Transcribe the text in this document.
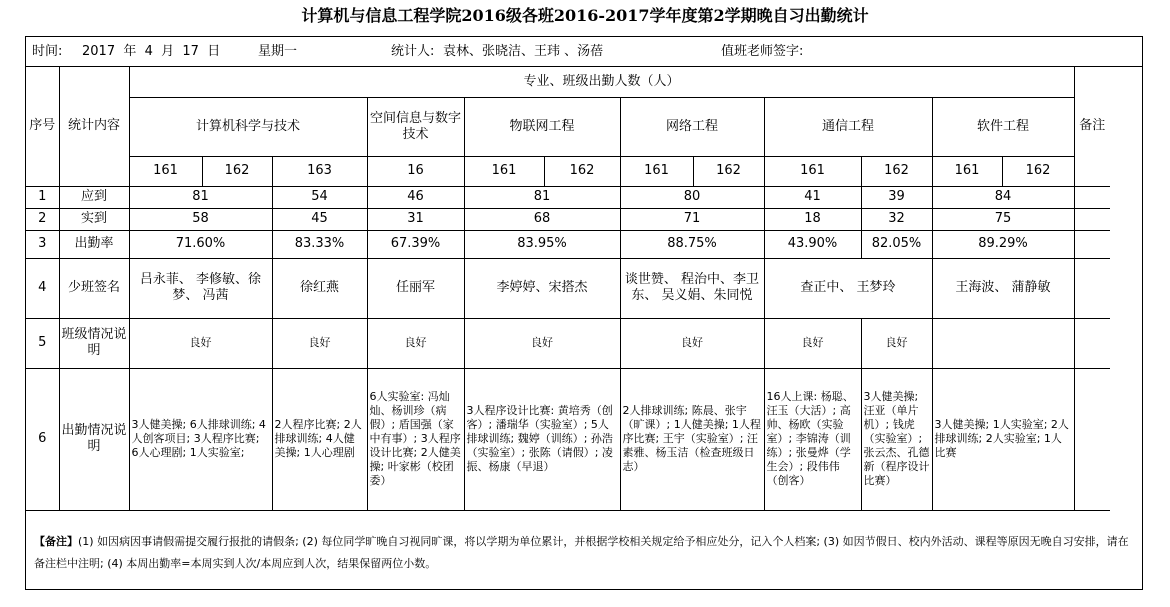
计算机与信息工程学院2016级各班2016-2017学年度第2学期晚自习出勤统计
时间: 2017  年  4  月  17  日	星期一	统计人: 袁林、张晓洁、王玮 、汤蓓	值班老师签字:
序号	统计内容	专业、班级出勤人数（人）												备注
		计算机科学与技术			空间信息与数字技术	物联网工程		网络工程		通信工程		软件工程		
		161	162	163	16	161	162	161	162	161	162	161	162	
1	应到	81		54	46	81		80		41	39	84		
2	实到	58		45	31	68		71		18	32	75		
3	出勤率	71.60%		83.33%	67.39%	83.95%		88.75%		43.90%	82.05%	89.29%		
4	少班签名	吕永菲、 李修敏、徐梦、 冯茜		徐红燕	任丽军	李婷婷、宋搭杰		谈世赞、 程治中、李卫东、 吴义娟、朱同悦		查正中、 王梦玲		王海波、 蒲静敏		
5	班级情况说明	良好		良好	良好	良好		良好		良好	良好			
6	出勤情况说明	3人健美操; 6人排球训练; 4人创客项目; 3人程序比赛; 6人心理剧; 1人实验室;		2人程序比赛; 2人排球训练; 4人健美操; 1人心理剧	6人实验室: 冯灿灿、杨训珍（病假）; 盾国强（家中有事）; 3人程序设计比赛; 2人健美操; 叶家彬（校团委）	3人程序设计比赛: 黄培秀（创客）; 潘瑞华（实验室）; 5人排球训练; 魏婷（训练）; 孙浩（实验室）; 张陈（请假）; 凌振、杨康（早退）		2人排球训练; 陈晨、张宇（旷课）; 1人健美操; 1人程序比赛; 王宇（实验室）; 汪素雅、杨玉洁（检查班级日志）		16人上课: 杨聪、汪玉（大活）; 高帅、杨欧（实验室）; 李锦涛（训练）; 张曼烨（学生会）; 段伟伟（创客）	3人健美操; 汪亚（单片机）; 钱虎（实验室）; 张云杰、孔德新（程序设计比赛）	3人健美操; 1人实验室; 2人排球训练; 2人实验室; 1人比赛		
【备注】(1) 如因病因事请假需提交履行报批的请假条; (2) 每位同学旷晚自习视同旷课，将以学期为单位累计，并根据学校相关规定给予相应处分，记入个人档案; (3) 如因节假日、校内外活动、课程等原因无晚自习安排，请在备注栏中注明; (4) 本周出勤率=本周实到人次/本周应到人次，结果保留两位小数。
